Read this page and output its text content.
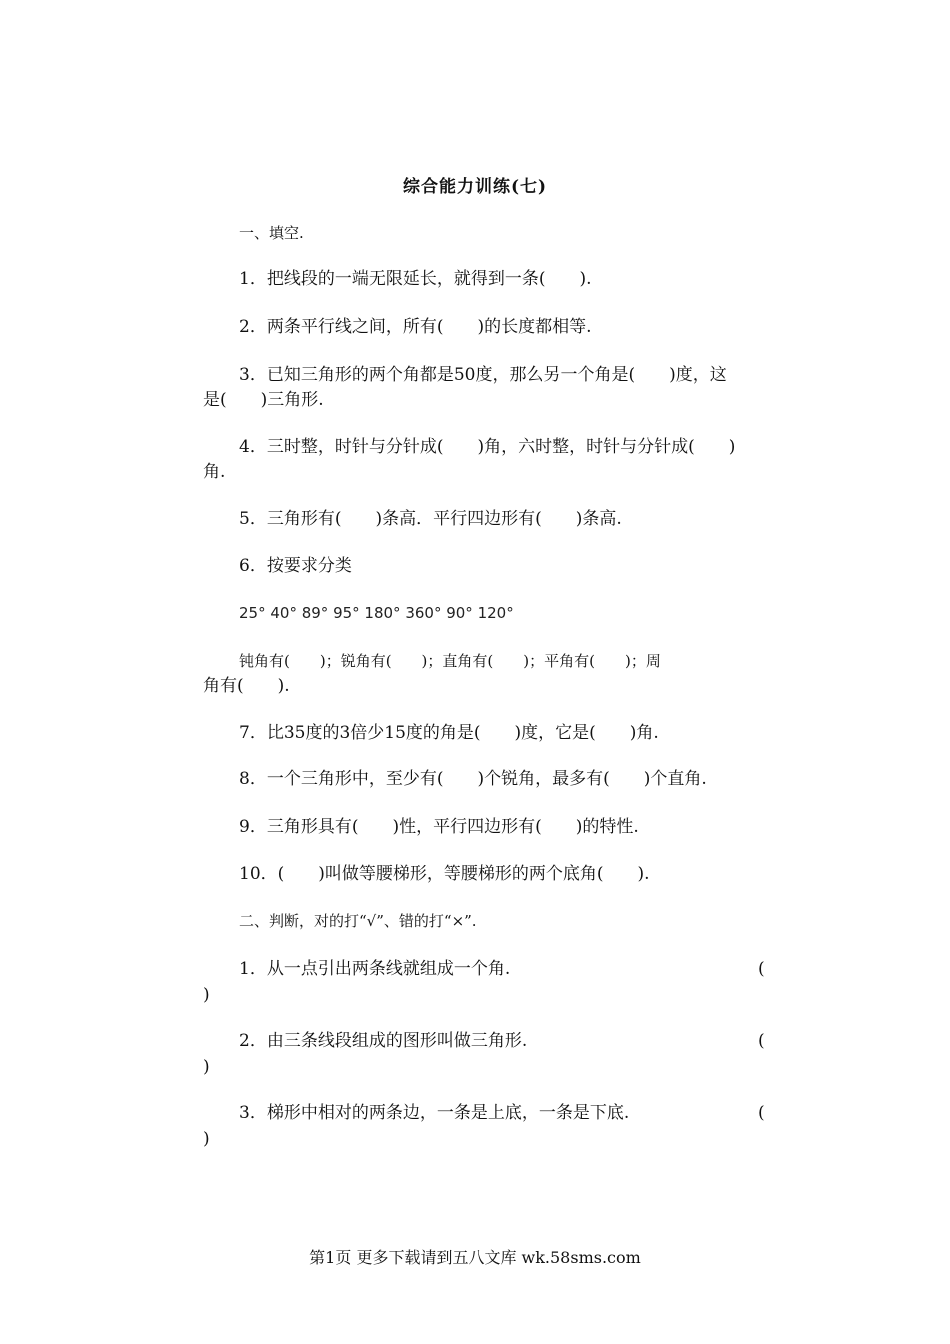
综合能力训练(七)
一、填空.
1．把线段的一端无限延长，就得到一条(　　).
2．两条平行线之间，所有(　　)的长度都相等.
3．已知三角形的两个角都是50度，那么另一个角是(　　)度，这
是(　　)三角形.
4．三时整，时针与分针成(　　)角，六时整，时针与分针成(　　)
角.
5．三角形有(　　)条高．平行四边形有(　　)条高.
6．按要求分类
25° 40° 89° 95° 180° 360° 90° 120°
钝角有(　　)；锐角有(　　)；直角有(　　)；平角有(　　)；周
角有(　　).
7．比35度的3倍少15度的角是(　　)度，它是(　　)角.
8．一个三角形中，至少有(　　)个锐角，最多有(　　)个直角.
9．三角形具有(　　)性，平行四边形有(　　)的特性.
10．(　　)叫做等腰梯形，等腰梯形的两个底角(　　).
二、判断，对的打“√”、错的打“×”.
1．从一点引出两条线就组成一个角.	(
)
2．由三条线段组成的图形叫做三角形.	(
)
3．梯形中相对的两条边，一条是上底，一条是下底.	(
)
第1页 更多下载请到五八文库 wk.58sms.com
